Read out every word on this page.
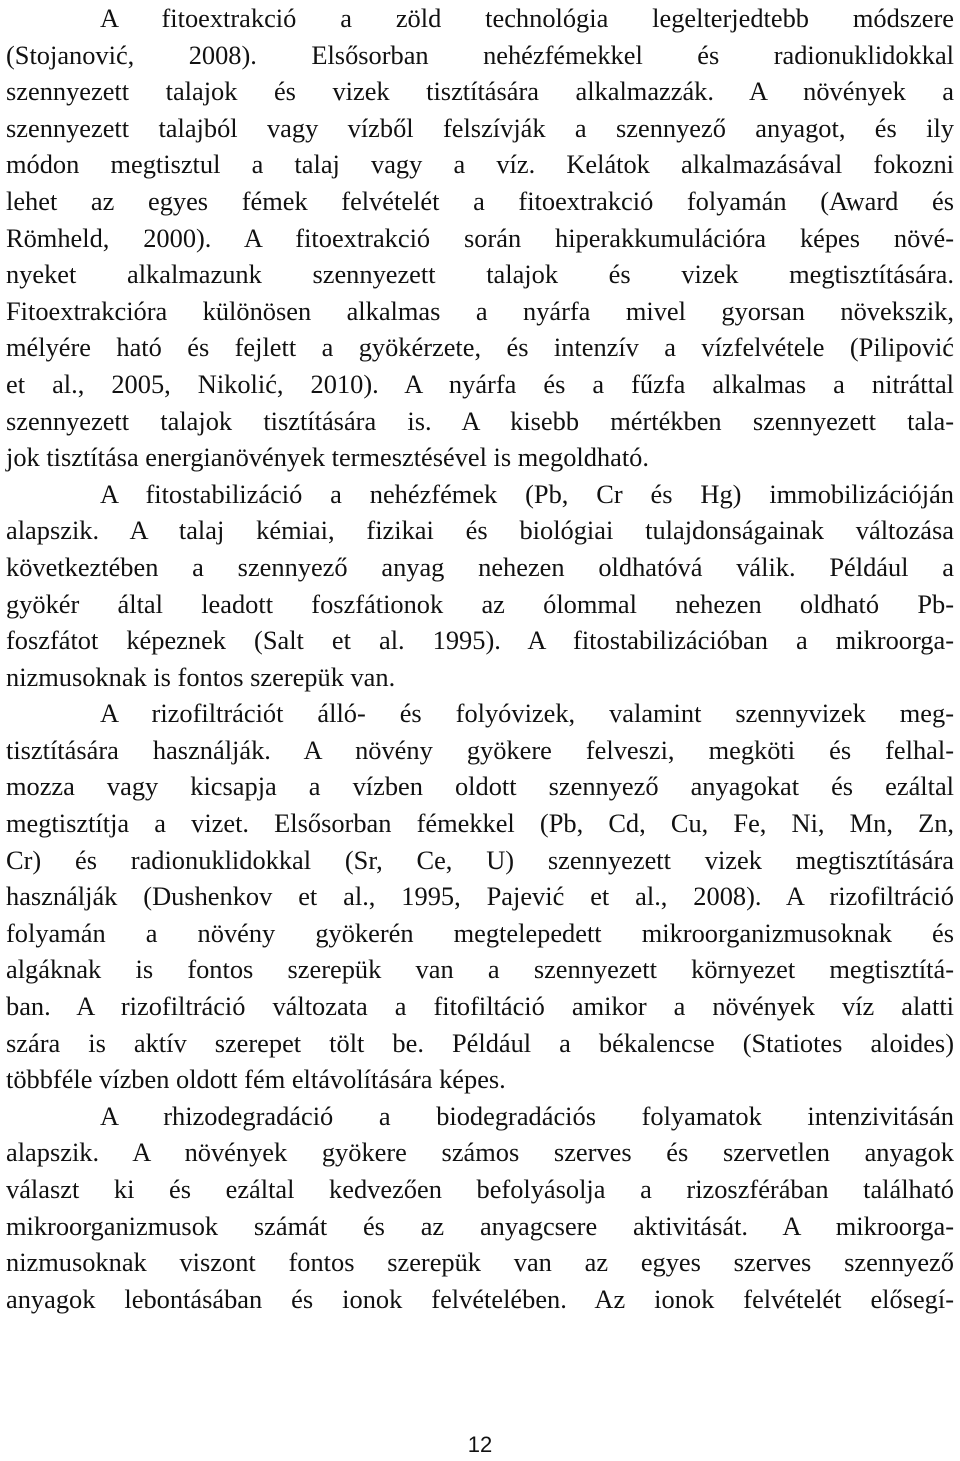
A fitoextrakció a zöld technológia legelterjedtebb módszere
(Stojanović, 2008). Elsősorban nehézfémekkel és radionuklidokkal
szennyezett talajok és vizek tisztítására alkalmazzák. A növények a
szennyezett talajból vagy vízből felszívják a szennyező anyagot, és ily
módon megtisztul a talaj vagy a víz. Kelátok alkalmazásával fokozni
lehet az egyes fémek felvételét a fitoextrakció folyamán (Award és
Römheld, 2000). A fitoextrakció során hiperakkumulációra képes növé-
nyeket alkalmazunk szennyezett talajok és vizek megtisztítására.
Fitoextrakcióra különösen alkalmas a nyárfa mivel gyorsan növekszik,
mélyére ható és fejlett a gyökérzete, és intenzív a vízfelvétele (Pilipović
et al., 2005, Nikolić, 2010). A nyárfa és a fűzfa alkalmas a nitráttal
szennyezett talajok tisztítására is. A kisebb mértékben szennyezett tala-
jok tisztítása energianövények termesztésével is megoldható.
A fitostabilizáció a nehézfémek (Pb, Cr és Hg) immobilizációján
alapszik. A talaj kémiai, fizikai és biológiai tulajdonságainak változása
következtében a szennyező anyag nehezen oldhatóvá válik. Például a
gyökér által leadott foszfátionok az ólommal nehezen oldható Pb-
foszfátot képeznek (Salt et al. 1995). A fitostabilizációban a mikroorga-
nizmusoknak is fontos szerepük van.
A rizofiltrációt álló- és folyóvizek, valamint szennyvizek meg-
tisztítására használják. A növény gyökere felveszi, megköti és felhal-
mozza vagy kicsapja a vízben oldott szennyező anyagokat és ezáltal
megtisztítja a vizet. Elsősorban fémekkel (Pb, Cd, Cu, Fe, Ni, Mn, Zn,
Cr) és radionuklidokkal (Sr, Ce, U) szennyezett vizek megtisztítására
használják (Dushenkov et al., 1995, Pajević et al., 2008). A rizofiltráció
folyamán a növény gyökerén megtelepedett mikroorganizmusoknak és
algáknak is fontos szerepük van a szennyezett környezet megtisztítá-
ban. A rizofiltráció változata a fitofiltáció amikor a növények víz alatti
szára is aktív szerepet tölt be. Például a békalencse (Statiotes aloides)
többféle vízben oldott fém eltávolítására képes.
A rhizodegradáció a biodegradációs folyamatok intenzivitásán
alapszik. A növények gyökere számos szerves és szervetlen anyagok
választ ki és ezáltal kedvezően befolyásolja a rizoszférában található
mikroorganizmusok számát és az anyagcsere aktivitását. A mikroorga-
nizmusoknak viszont fontos szerepük van az egyes szerves szennyező
anyagok lebontásában és ionok felvételében. Az ionok felvételét elősegí-
12
